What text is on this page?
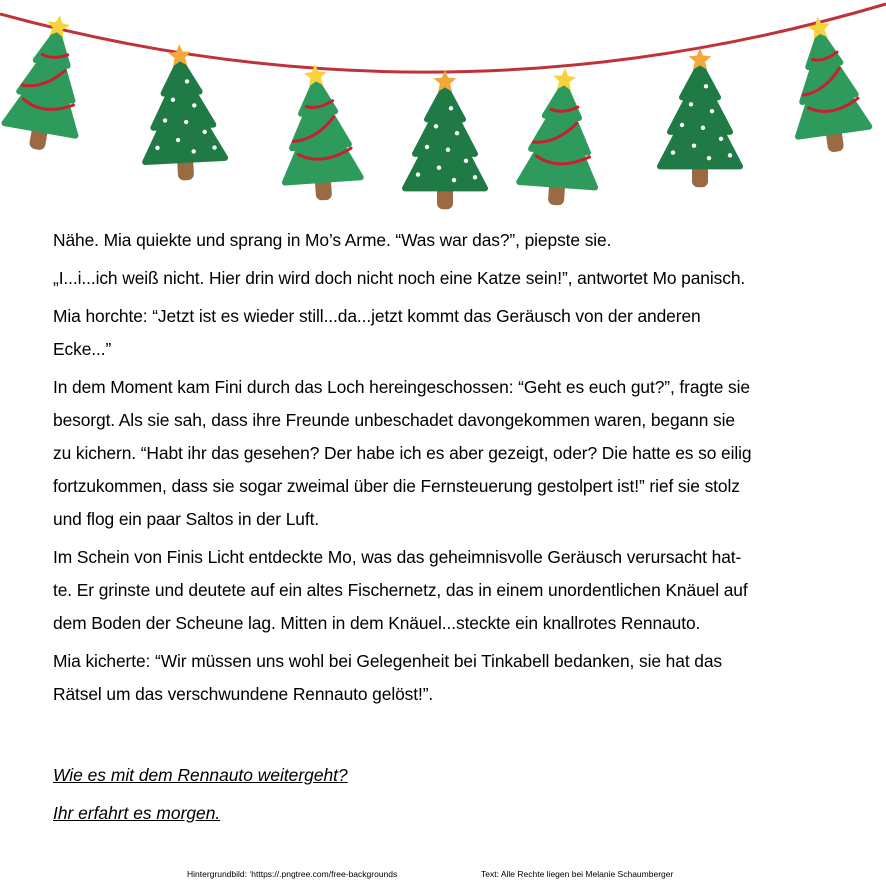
Nähe. Mia quiekte und sprang in Mo’s Arme. “Was war das?”, piepste sie.

„I...i...ich weiß nicht. Hier drin wird doch nicht noch eine Katze sein!”, antwortet Mo panisch.

Mia horchte: “Jetzt ist es wieder still...da...jetzt kommt das Geräusch von der anderen
Ecke...”

In dem Moment kam Fini durch das Loch hereingeschossen: “Geht es euch gut?”, fragte sie
besorgt. Als sie sah, dass ihre Freunde unbeschadet davongekommen waren, begann sie
zu kichern. “Habt ihr das gesehen? Der habe ich es aber gezeigt, oder? Die hatte es so eilig
fortzukommen, dass sie sogar zweimal über die Fernsteuerung gestolpert ist!” rief sie stolz
und flog ein paar Saltos in der Luft.

Im Schein von Finis Licht entdeckte Mo, was das geheimnisvolle Geräusch verursacht hat-
te. Er grinste und deutete auf ein altes Fischernetz, das in einem unordentlichen Knäuel auf
dem Boden der Scheune lag. Mitten in dem Knäuel...steckte ein knallrotes Rennauto.

Mia kicherte: “Wir müssen uns wohl bei Gelegenheit bei Tinkabell bedanken, sie hat das
Rätsel um das verschwundene Rennauto gelöst!”.

Wie es mit dem Rennauto weitergeht?
Ihr erfahrt es morgen.
Hintergrundbild: ‘htttps://.pngtree.com/free-backgrounds	Text: Alle Rechte liegen bei Melanie Schaumberger
